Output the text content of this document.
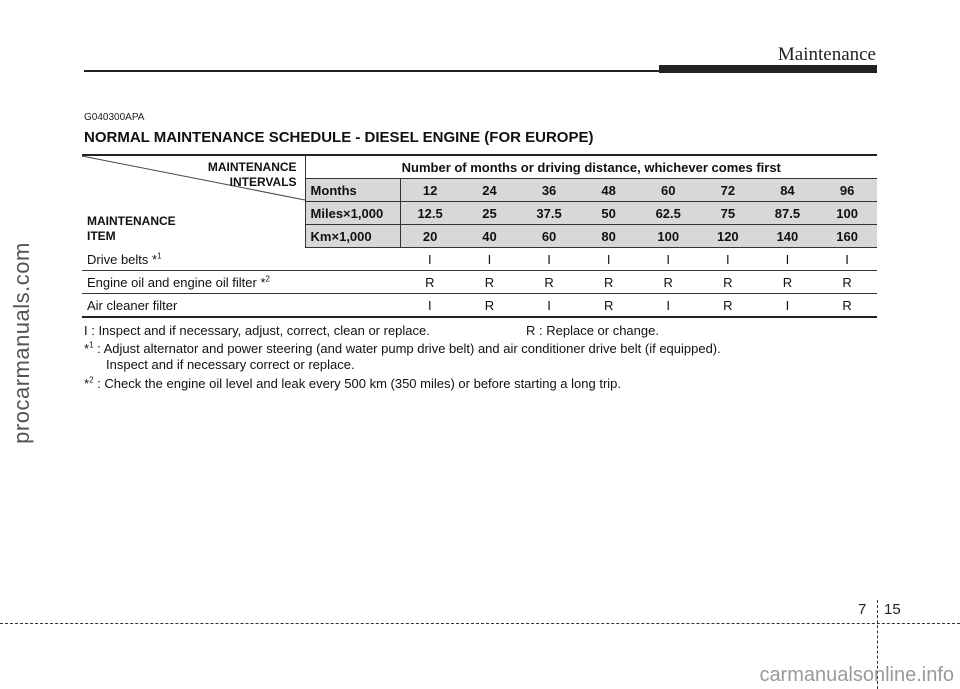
Maintenance
procarmanuals.com
G040300APA
NORMAL MAINTENANCE SCHEDULE - DIESEL ENGINE (FOR EUROPE)
MAINTENANCE
INTERVALS
MAINTENANCE
ITEM	Number of months or driving distance, whichever comes first								
	Months	12	24	36	48	60	72	84	96
	Miles×1,000	12.5	25	37.5	50	62.5	75	87.5	100
	Km×1,000	20	40	60	80	100	120	140	160
Drive belts *$^1$		I	I	I	I	I	I	I	I
Engine oil and engine oil filter *$^2$		R	R	R	R	R	R	R	R
Air cleaner filter		I	R	I	R	I	R	I	R
I : Inspect and if necessary, adjust, correct, clean or replace.	R : Replace or change.
*$^1$ : Adjust alternator and power steering (and water pump drive belt) and air conditioner drive belt (if equipped).
Inspect and if necessary correct or replace.
*$^2$ : Check the engine oil level and leak every 500 km (350 miles) or before starting a long trip.
7 15
carmanualsonline.info
